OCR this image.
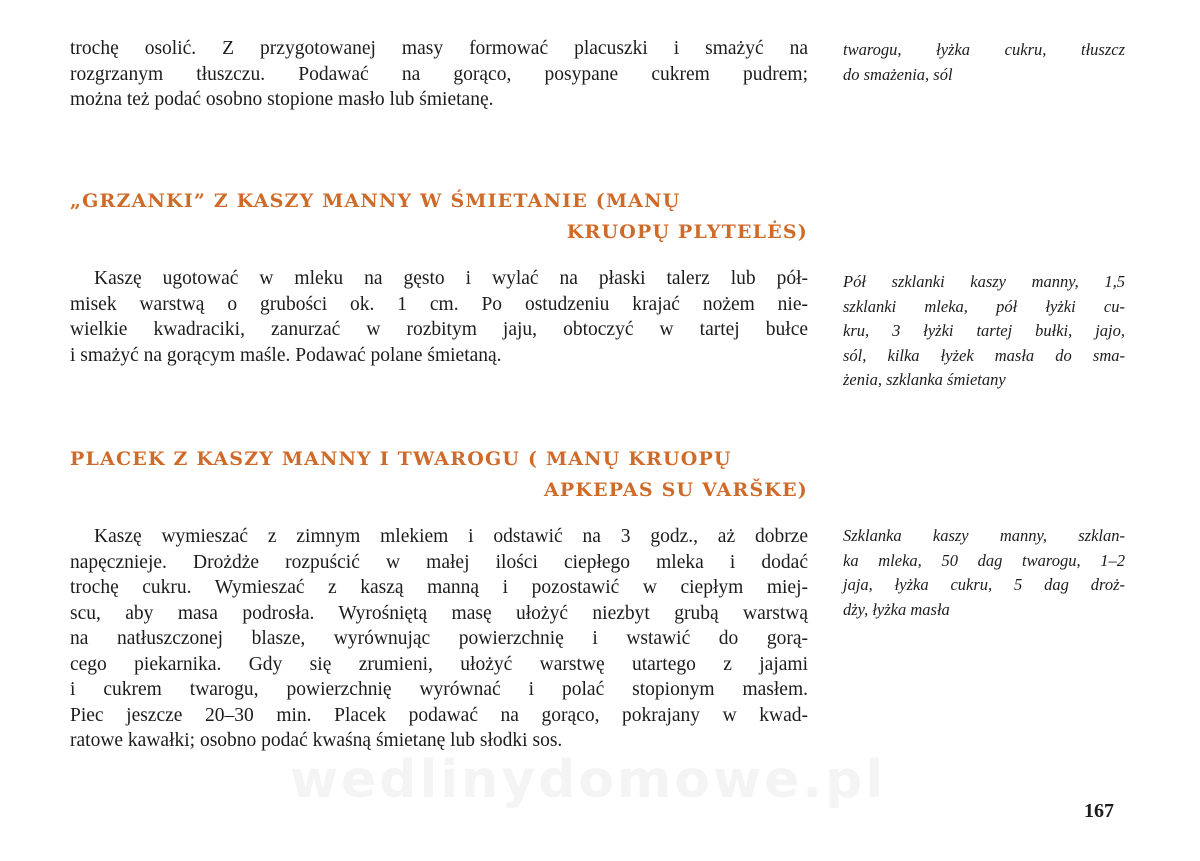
trochę osolić. Z przygotowanej masy formować placuszki i smażyć na
rozgrzanym tłuszczu. Podawać na gorąco, posypane cukrem pudrem;
można też podać osobno stopione masło lub śmietanę.
twarogu, łyżka cukru, tłuszcz
do smażenia, sól
„GRZANKI” Z KASZY MANNY W ŚMIETANIE (MANŲ
KRUOPŲ PLYTELĖS)
Kaszę ugotować w mleku na gęsto i wylać na płaski talerz lub pół-
misek warstwą o grubości ok. 1 cm. Po ostudzeniu krajać nożem nie-
wielkie kwadraciki, zanurzać w rozbitym jaju, obtoczyć w tartej bułce
i smażyć na gorącym maśle. Podawać polane śmietaną.
Pół szklanki kaszy manny, 1,5
szklanki mleka, pół łyżki cu-
kru, 3 łyżki tartej bułki, jajo,
sól, kilka łyżek masła do sma-
żenia, szklanka śmietany
PLACEK Z KASZY MANNY I TWAROGU ( MANŲ KRUOPŲ
APKEPAS SU VARŠKE)
Kaszę wymieszać z zimnym mlekiem i odstawić na 3 godz., aż dobrze
napęcznieje. Drożdże rozpuścić w małej ilości ciepłego mleka i dodać
trochę cukru. Wymieszać z kaszą manną i pozostawić w ciepłym miej-
scu, aby masa podrosła. Wyrośniętą masę ułożyć niezbyt grubą warstwą
na natłuszczonej blasze, wyrównując powierzchnię i wstawić do gorą-
cego piekarnika. Gdy się zrumieni, ułożyć warstwę utartego z jajami
i cukrem twarogu, powierzchnię wyrównać i polać stopionym masłem.
Piec jeszcze 20–30 min. Placek podawać na gorąco, pokrajany w kwad-
ratowe kawałki; osobno podać kwaśną śmietanę lub słodki sos.
Szklanka kaszy manny, szklan-
ka mleka, 50 dag twarogu, 1–2
jaja, łyżka cukru, 5 dag droż-
dży, łyżka masła
wedlinydomowe.pl
167
